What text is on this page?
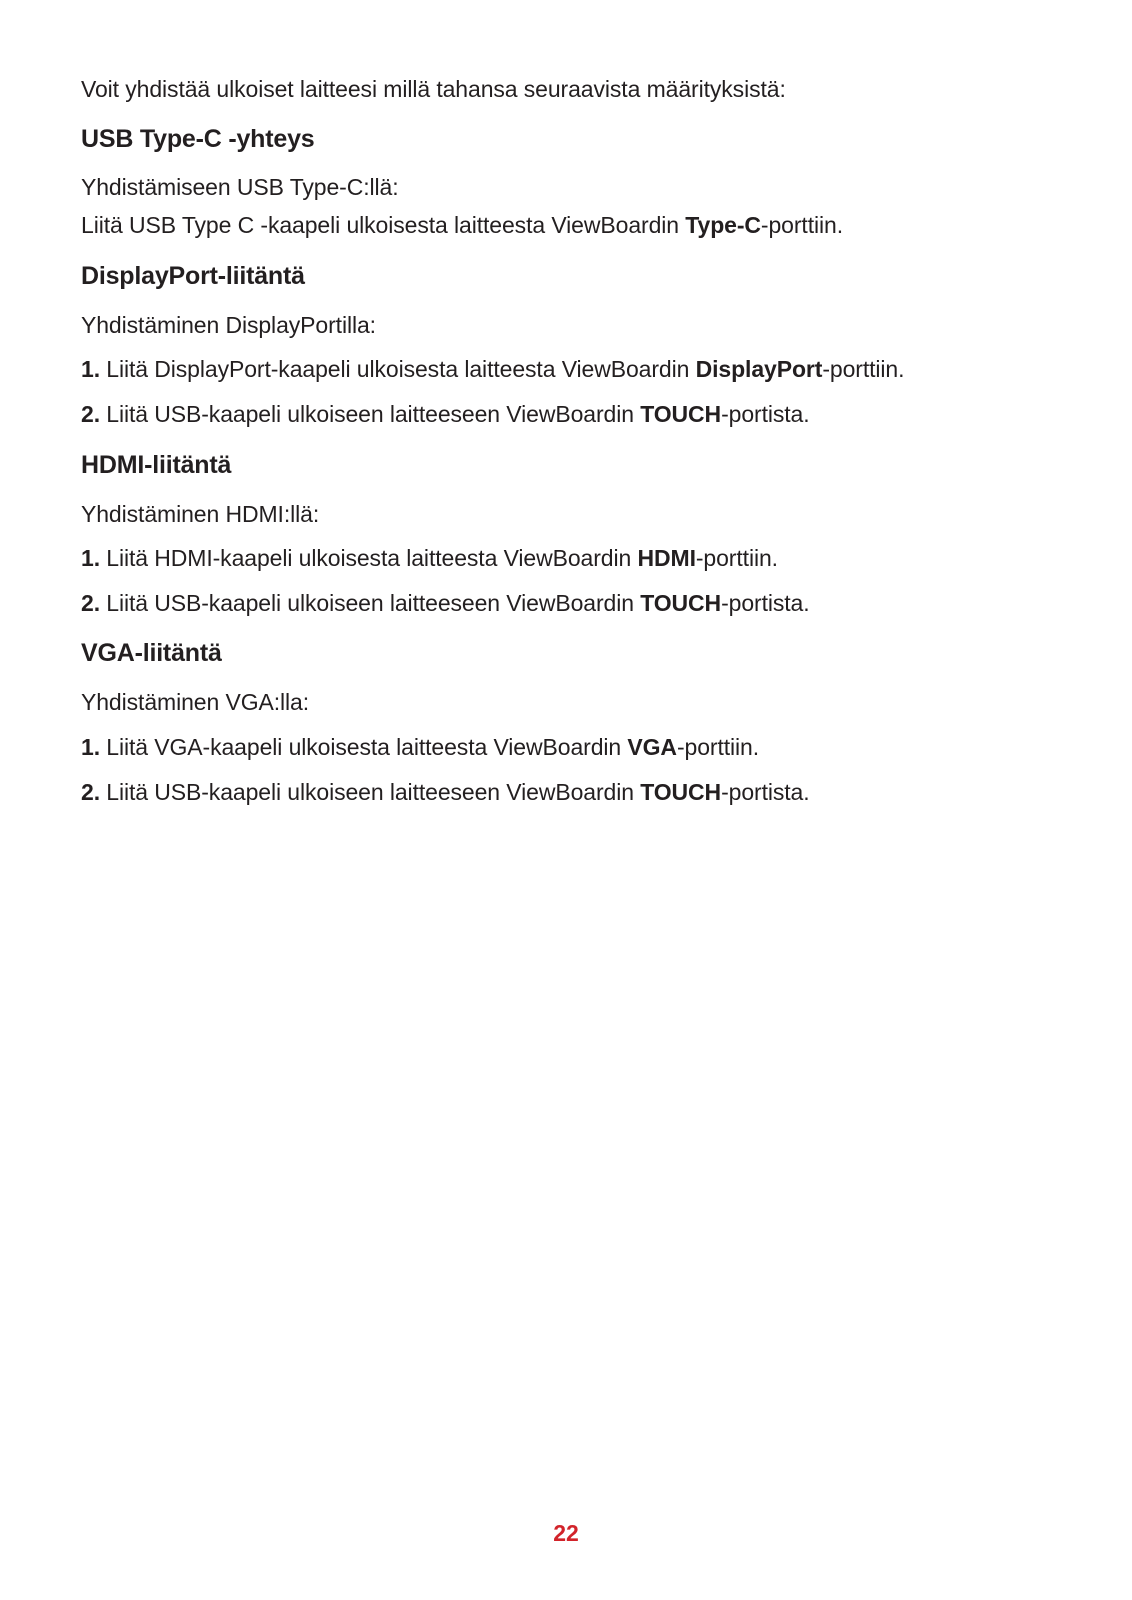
Voit yhdistää ulkoiset laitteesi millä tahansa seuraavista määrityksistä:

USB Type-C -yhteys

Yhdistämiseen USB Type-C:llä:

Liitä USB Type C -kaapeli ulkoisesta laitteesta ViewBoardin Type-C-porttiin.

DisplayPort-liitäntä

Yhdistäminen DisplayPortilla:

1. Liitä DisplayPort-kaapeli ulkoisesta laitteesta ViewBoardin DisplayPort-porttiin.

2. Liitä USB-kaapeli ulkoiseen laitteeseen ViewBoardin TOUCH-portista.

HDMI-liitäntä

Yhdistäminen HDMI:llä:

1. Liitä HDMI-kaapeli ulkoisesta laitteesta ViewBoardin HDMI-porttiin.

2. Liitä USB-kaapeli ulkoiseen laitteeseen ViewBoardin TOUCH-portista.

VGA-liitäntä

Yhdistäminen VGA:lla:

1. Liitä VGA-kaapeli ulkoisesta laitteesta ViewBoardin VGA-porttiin.

2. Liitä USB-kaapeli ulkoiseen laitteeseen ViewBoardin TOUCH-portista.

22
